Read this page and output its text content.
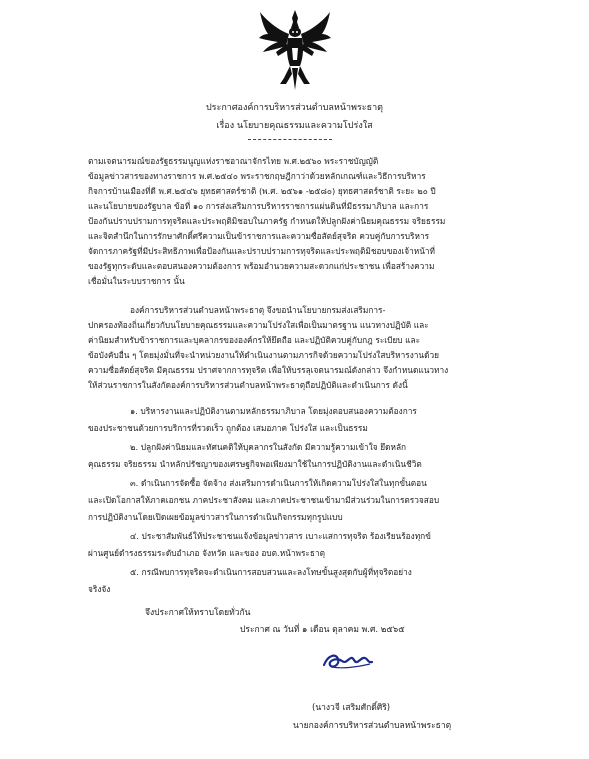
ประกาศองค์การบริหารส่วนตำบลหน้าพระธาตุ
เรื่อง นโยบายคุณธรรมและความโปร่งใส
ตามเจตนารมณ์ของรัฐธรรมนูญแห่งราชอาณาจักรไทย พ.ศ.๒๕๖๐ พระราชบัญญัติ
ข้อมูลข่าวสารของทางราชการ พ.ศ.๒๕๔๐ พระราชกฤษฎีกาว่าด้วยหลักเกณฑ์และวิธีการบริหาร
กิจการบ้านเมืองที่ดี พ.ศ.๒๕๔๖ ยุทธศาสตร์ชาติ (พ.ศ. ๒๕๖๑ -๒๕๘๐) ยุทธศาสตร์ชาติ ระยะ ๒๐ ปี
และนโยบายของรัฐบาล ข้อที่ ๑๐ การส่งเสริมการบริหารราชการแผ่นดินที่มีธรรมาภิบาล และการ
ป้องกันปราบปรามการทุจริตและประพฤติมิชอบในภาครัฐ กำหนดให้ปลูกฝังค่านิยมคุณธรรม จริยธรรม
และจิตสำนึกในการรักษาศักดิ์ศรีความเป็นข้าราชการและความซื่อสัตย์สุจริต ควบคู่กับการบริหาร
จัดการภาครัฐที่มีประสิทธิภาพเพื่อป้องกันและปราบปรามการทุจริตและประพฤติมิชอบของเจ้าหน้าที่
ของรัฐทุกระดับและตอบสนองความต้องการ พร้อมอำนวยความสะดวกแก่ประชาชน เพื่อสร้างความ
เชื่อมั่นในระบบราชการ นั้น
องค์การบริหารส่วนตำบลหน้าพระธาตุ จึงขอนำนโยบายกรมส่งเสริมการ-
ปกครองท้องถิ่นเกี่ยวกับนโยบายคุณธรรมและความโปร่งใสเพื่อเป็นมาตรฐาน แนวทางปฏิบัติ และ
ค่านิยมสำหรับข้าราชการและบุคลากรขององค์กรให้ยึดถือ และปฏิบัติควบคู่กับกฎ ระเบียบ และ
ข้อบังคับอื่น ๆ โดยมุ่งมั่นที่จะนำหน่วยงานให้ดำเนินงานตามภารกิจด้วยความโปร่งใสบริหารงานด้วย
ความซื่อสัตย์สุจริต มีคุณธรรม ปราศจากการทุจริต เพื่อให้บรรลุเจตนารมณ์ดังกล่าว จึงกำหนดแนวทาง
ให้ส่วนราชการในสังกัดองค์การบริหารส่วนตำบลหน้าพระธาตุถือปฏิบัติและดำเนินการ ดังนี้
๑. บริหารงานและปฏิบัติงานตามหลักธรรมาภิบาล โดยมุ่งตอบสนองความต้องการ
ของประชาชนด้วยการบริการที่รวดเร็ว ถูกต้อง เสมอภาค โปร่งใส และเป็นธรรม
๒. ปลูกฝังค่านิยมและทัศนคติให้บุคลากรในสังกัด มีความรู้ความเข้าใจ ยึดหลัก
คุณธรรม จริยธรรม นำหลักปรัชญาของเศรษฐกิจพอเพียงมาใช้ในการปฏิบัติงานและดำเนินชีวิต
๓. ดำเนินการจัดซื้อ จัดจ้าง ส่งเสริมการดำเนินการให้เกิดความโปร่งใสในทุกขั้นตอน
และเปิดโอกาสให้ภาคเอกชน ภาคประชาสังคม และภาคประชาชนเข้ามามีส่วนร่วมในการตรวจสอบ
การปฏิบัติงานโดยเปิดเผยข้อมูลข่าวสารในการดำเนินกิจกรรมทุกรูปแบบ
๔. ประชาสัมพันธ์ให้ประชาชนแจ้งข้อมูลข่าวสาร เบาะแสการทุจริต ร้องเรียนร้องทุกข์
ผ่านศูนย์ดำรงธรรมระดับอำเภอ จังหวัด และของ อบต.หน้าพระธาตุ
๕. กรณีพบการทุจริตจะดำเนินการสอบสวนและลงโทษขั้นสูงสุดกับผู้ที่ทุจริตอย่าง
จริงจัง
จึงประกาศให้ทราบโดยทั่วกัน
ประกาศ ณ วันที่ ๑ เดือน ตุลาคม พ.ศ. ๒๕๖๕
(นางวจี เสริมศักดิ์ศิริ)
นายกองค์การบริหารส่วนตำบลหน้าพระธาตุ
